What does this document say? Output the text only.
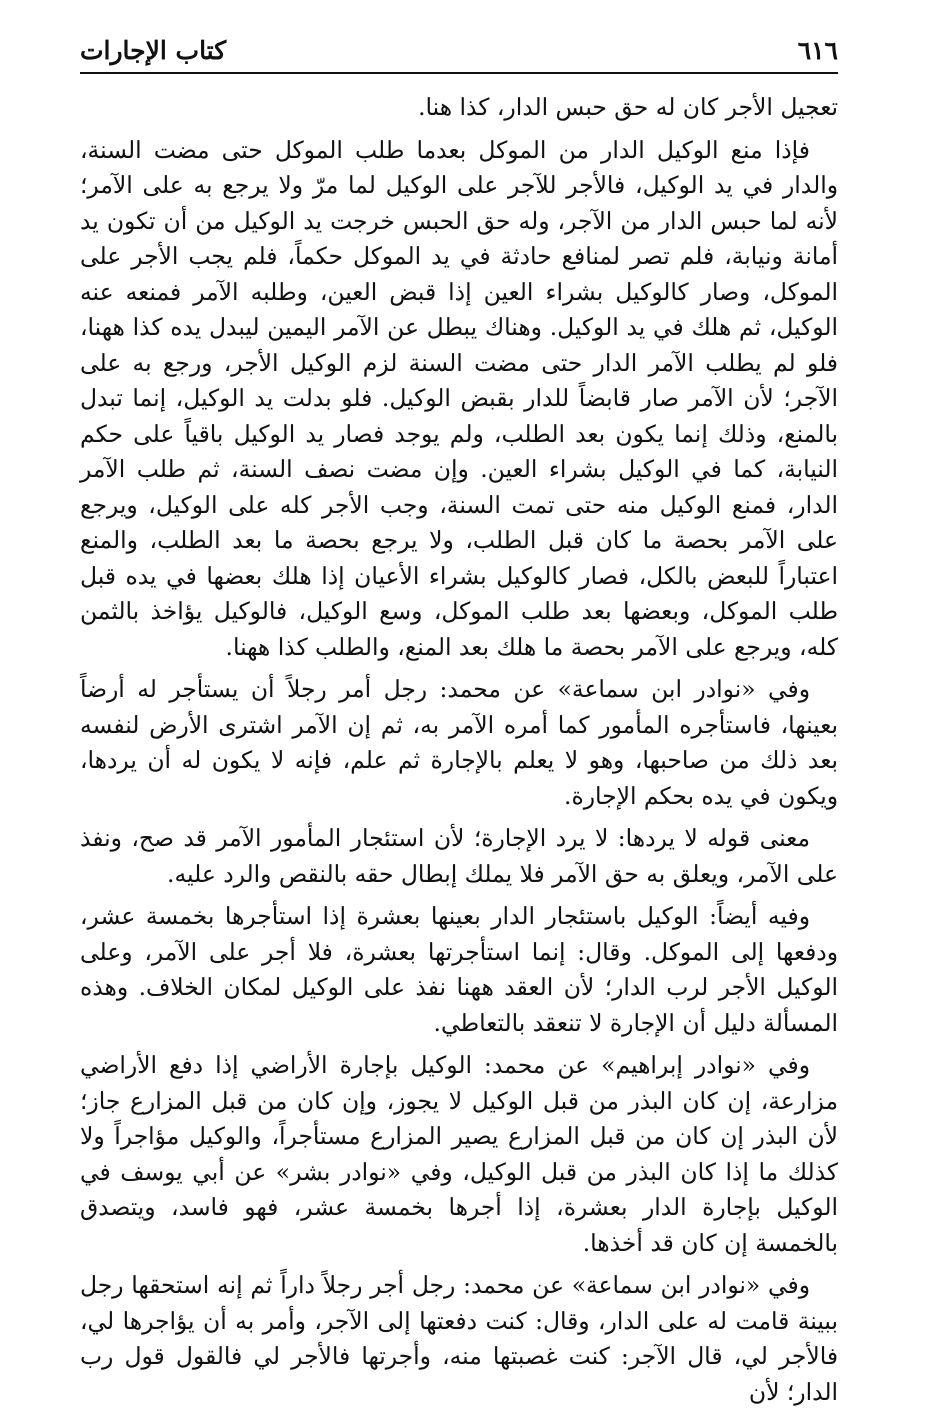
٦١٦
كتاب الإجارات

تعجيل الأجر كان له حق حبس الدار، كذا هنا.

فإذا منع الوكيل الدار من الموكل بعدما طلب الموكل حتى مضت السنة، والدار في يد الوكيل، فالأجر للآجر على الوكيل لما مرّ ولا يرجع به على الآمر؛ لأنه لما حبس الدار من الآجر، وله حق الحبس خرجت يد الوكيل من أن تكون يد أمانة ونيابة، فلم تصر لمنافع حادثة في يد الموكل حكماً، فلم يجب الأجر على الموكل، وصار كالوكيل بشراء العين إذا قبض العين، وطلبه الآمر فمنعه عنه الوكيل، ثم هلك في يد الوكيل. وهناك يبطل عن الآمر اليمين ليبدل يده كذا ههنا، فلو لم يطلب الآمر الدار حتى مضت السنة لزم الوكيل الأجر، ورجع به على الآجر؛ لأن الآمر صار قابضاً للدار بقبض الوكيل. فلو بدلت يد الوكيل، إنما تبدل بالمنع، وذلك إنما يكون بعد الطلب، ولم يوجد فصار يد الوكيل باقياً على حكم النيابة، كما في الوكيل بشراء العين. وإن مضت نصف السنة، ثم طلب الآمر الدار، فمنع الوكيل منه حتى تمت السنة، وجب الأجر كله على الوكيل، ويرجع على الآمر بحصة ما كان قبل الطلب، ولا يرجع بحصة ما بعد الطلب، والمنع اعتباراً للبعض بالكل، فصار كالوكيل بشراء الأعيان إذا هلك بعضها في يده قبل طلب الموكل، وبعضها بعد طلب الموكل، وسع الوكيل، فالوكيل يؤاخذ بالثمن كله، ويرجع على الآمر بحصة ما هلك بعد المنع، والطلب كذا ههنا.

وفي «نوادر ابن سماعة» عن محمد: رجل أمر رجلاً أن يستأجر له أرضاً بعينها، فاستأجره المأمور كما أمره الآمر به، ثم إن الآمر اشترى الأرض لنفسه بعد ذلك من صاحبها، وهو لا يعلم بالإجارة ثم علم، فإنه لا يكون له أن يردها، ويكون في يده بحكم الإجارة.

معنى قوله لا يردها: لا يرد الإجارة؛ لأن استئجار المأمور الآمر قد صح، ونفذ على الآمر، ويعلق به حق الآمر فلا يملك إبطال حقه بالنقص والرد عليه.

وفيه أيضاً: الوكيل باستئجار الدار بعينها بعشرة إذا استأجرها بخمسة عشر، ودفعها إلى الموكل. وقال: إنما استأجرتها بعشرة، فلا أجر على الآمر، وعلى الوكيل الأجر لرب الدار؛ لأن العقد ههنا نفذ على الوكيل لمكان الخلاف. وهذه المسألة دليل أن الإجارة لا تنعقد بالتعاطي.

وفي «نوادر إبراهيم» عن محمد: الوكيل بإجارة الأراضي إذا دفع الأراضي مزارعة، إن كان البذر من قبل الوكيل لا يجوز، وإن كان من قبل المزارع جاز؛ لأن البذر إن كان من قبل المزارع يصير المزارع مستأجراً، والوكيل مؤاجراً ولا كذلك ما إذا كان البذر من قبل الوكيل، وفي «نوادر بشر» عن أبي يوسف في الوكيل بإجارة الدار بعشرة، إذا أجرها بخمسة عشر، فهو فاسد، ويتصدق بالخمسة إن كان قد أخذها.

وفي «نوادر ابن سماعة» عن محمد: رجل أجر رجلاً داراً ثم إنه استحقها رجل ببينة قامت له على الدار، وقال: كنت دفعتها إلى الآجر، وأمر به أن يؤاجرها لي، فالأجر لي، قال الآجر: كنت غصبتها منه، وأجرتها فالأجر لي فالقول قول رب الدار؛ لأن
